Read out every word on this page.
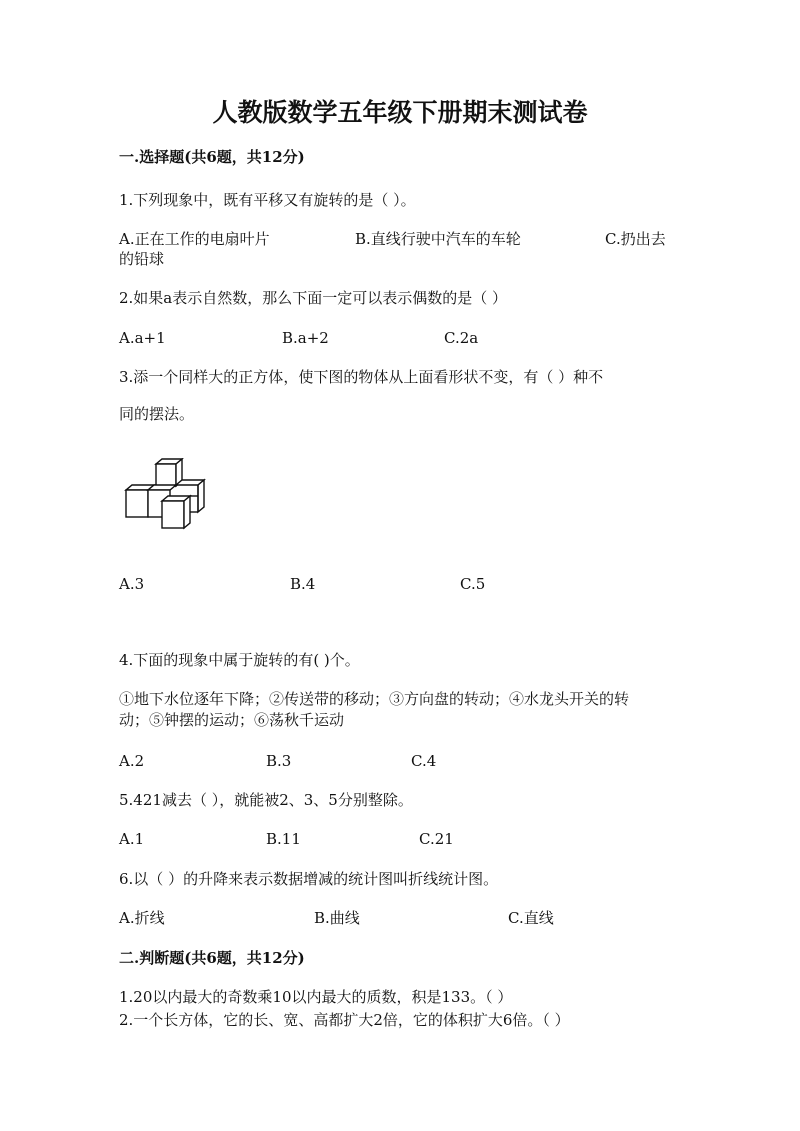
人教版数学五年级下册期末测试卷
一.选择题(共6题，共12分)
1.下列现象中，既有平移又有旋转的是（ ）。
A.正在工作的电扇叶片	B.直线行驶中汽车的车轮	C.扔出去
的铅球
2.如果a表示自然数，那么下面一定可以表示偶数的是（ ）
A.a+1	B.a+2	C.2a
3.添一个同样大的正方体，使下图的物体从上面看形状不变，有（ ）种不
同的摆法。
A.3	B.4	C.5
4.下面的现象中属于旋转的有( )个。
①地下水位逐年下降；②传送带的移动；③方向盘的转动；④水龙头开关的转
动；⑤钟摆的运动；⑥荡秋千运动
A.2	B.3	C.4
5.421减去（ ），就能被2、3、5分别整除。
A.1	B.11	C.21
6.以（ ）的升降来表示数据增减的统计图叫折线统计图。
A.折线	B.曲线	C.直线
二.判断题(共6题，共12分)
1.20以内最大的奇数乘10以内最大的质数，积是133。（ ）
2.一个长方体，它的长、宽、高都扩大2倍，它的体积扩大6倍。（ ）
